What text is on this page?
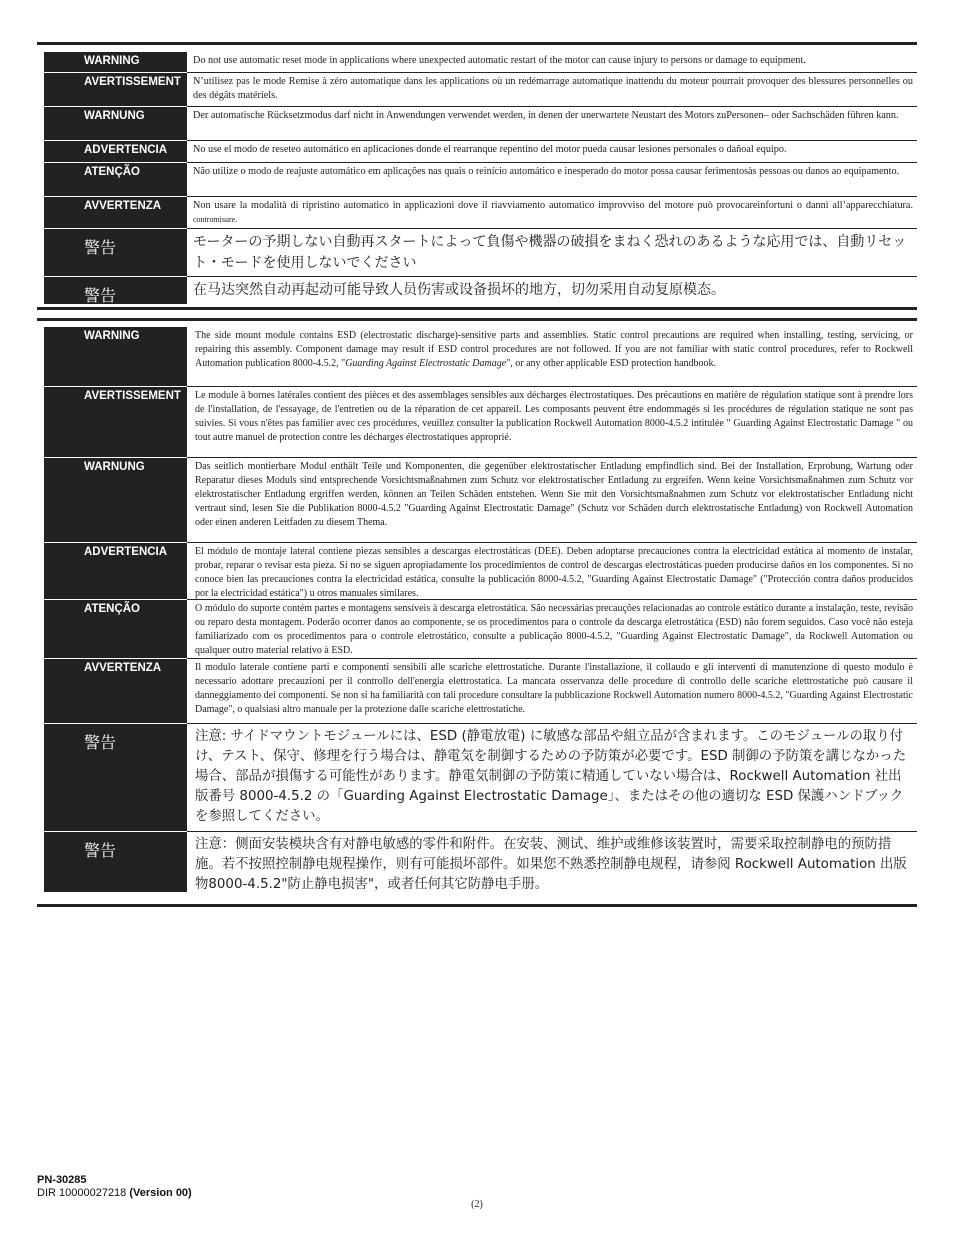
WARNING	Do not use automatic reset mode in applications where unexpected automatic restart of the motor can cause injury to persons or damage to equipment.
AVERTISSEMENT	N’utilisez pas le mode Remise à zéro automatique dans les applications où un redémarrage automatique inattendu du moteur pourrait provoquer des blessures personnelles ou des dégâts matériels.
WARNUNG	Der automatische Rücksetzmodus darf nicht in Anwendungen verwendet werden, in denen der unerwartete Neustart des Motors zuPersonen– oder Sachschäden führen kann.
ADVERTENCIA	No use el modo de reseteo automático en aplicaciones donde el rearranque repentino del motor pueda causar lesiones personales o dañoal equipo.
ATENÇÃO	Não utilize o modo de reajuste automático em aplicações nas quais o reinício automático e inesperado do motor possa causar ferimentosàs pessoas ou danos ao equipamento.
AVVERTENZA	Non usare la modalità di ripristino automatico in applicazioni dove il riavviamento automatico improvviso del motore può provocareinfortuni o danni all’apparecchiatura. contromisure.
警告	モーターの予期しない自動再スタートによって負傷や機器の破損をまねく恐れのあるような応用では、自動リセット・モードを使用しないでください
警告	在马达突然自动再起动可能导致人员伤害或设备损坏的地方，切勿采用自动复原模态。
WARNING	The side mount module contains ESD (electrostatic discharge)-sensitive parts and assemblies. Static control precautions are required when installing, testing, servicing, or repairing this assembly. Component damage may result if ESD control procedures are not followed. If you are not familiar with static control procedures, refer to Rockwell Automation publication 8000-4.5.2, "Guarding Against Electrostatic Damage", or any other applicable ESD protection handbook.
AVERTISSEMENT	Le module à bornes latérales contient des pièces et des assemblages sensibles aux décharges électrostatiques. Des précautions en matière de régulation statique sont à prendre lors de l'installation, de l'essayage, de l'entretien ou de la réparation de cet appareil. Les composants peuvent être endommagés si les procédures de régulation statique ne sont pas suivies. Si vous n'êtes pas familier avec ces procédures, veuillez consulter la publication Rockwell Automation 8000-4.5.2 intitulée " Guarding Against Electrostatic Damage " ou tout autre manuel de protection contre les décharges électrostatiques approprié.
WARNUNG	Das seitlich montierbare Modul enthält Teile und Komponenten, die gegenüber elektrostatischer Entladung empfindlich sind. Bei der Installation, Erprobung, Wartung oder Reparatur dieses Moduls sind entsprechende Vorsichtsmaßnahmen zum Schutz vor elektrostatischer Entladung zu ergreifen. Wenn keine Vorsichtsmaßnahmen zum Schutz vor elektrostatischer Entladung ergriffen werden, können an Teilen Schäden entstehen. Wenn Sie mit den Vorsichtsmaßnahmen zum Schutz vor elektrostatischer Entladung nicht vertraut sind, lesen Sie die Publikation 8000-4.5.2 "Guarding Against Electrostatic Damage" (Schutz vor Schäden durch elektrostatische Entladung) von Rockwell Automation oder einen anderen Leitfaden zu diesem Thema.
ADVERTENCIA	El módulo de montaje lateral contiene piezas sensibles a descargas electrostáticas (DEE). Deben adoptarse precauciones contra la electricidad estática al momento de instalar, probar, reparar o revisar esta pieza. Si no se siguen apropiadamente los procedimientos de control de descargas electrostáticas pueden producirse daños en los componentes. Si no conoce bien las precauciones contra la electricidad estática, consulte la publicación 8000-4.5.2, "Guarding Against Electrostatic Damage" ("Protección contra daños producidos por la electricidad estática") u otros manuales similares.
ATENÇÃO	O módulo do suporte contém partes e montagens sensíveis à descarga eletrostática. São necessárias precauções relacionadas ao controle estático durante a instalação, teste, revisão ou reparo desta montagem. Poderão ocorrer danos ao componente, se os procedimentos para o controle da descarga eletrostática (ESD) não forem seguidos. Caso você não esteja familiarizado com os procedimentos para o controle eletrostático, consulte a publicação 8000-4.5.2, "Guarding Against Electrostatic Damage", da Rockwell Automation ou qualquer outro material relativo à ESD.
AVVERTENZA	Il modulo laterale contiene parti e componenti sensibili alle scariche elettrostatiche. Durante l'installazione, il collaudo e gli interventi di manutenzione di questo modulo è necessario adottare precauzioni per il controllo dell'energia elettrostatica. La mancata osservanza delle procedure di controllo delle scariche elettrostatiche può causare il danneggiamento dei componenti. Se non si ha familiarità con tali procedure consultare la pubblicazione Rockwell Automation numero 8000-4.5.2, "Guarding Against Electrostatic Damage", o qualsiasi altro manuale per la protezione dalle scariche elettrostatiche.
警告	注意: サイドマウントモジュールには、ESD (静電放電) に敏感な部品や組立品が含まれます。このモジュールの取り付け、テスト、保守、修理を行う場合は、静電気を制御するための予防策が必要です。ESD 制御の予防策を講じなかった場合、部品が損傷する可能性があります。静電気制御の予防策に精通していない場合は、Rockwell Automation 社出版番号 8000-4.5.2 の「Guarding Against Electrostatic Damage」、またはその他の適切な ESD 保護ハンドブックを参照してください。
警告	注意：侧面安装模块含有对静电敏感的零件和附件。在安装、测试、维护或维修该装置时，需要采取控制静电的预防措施。若不按照控制静电规程操作，则有可能损坏部件。如果您不熟悉控制静电规程，请参阅 Rockwell Automation 出版物8000-4.5.2"防止静电损害"，或者任何其它防静电手册。
PN-30285
DIR 10000027218 (Version 00)
(2)
